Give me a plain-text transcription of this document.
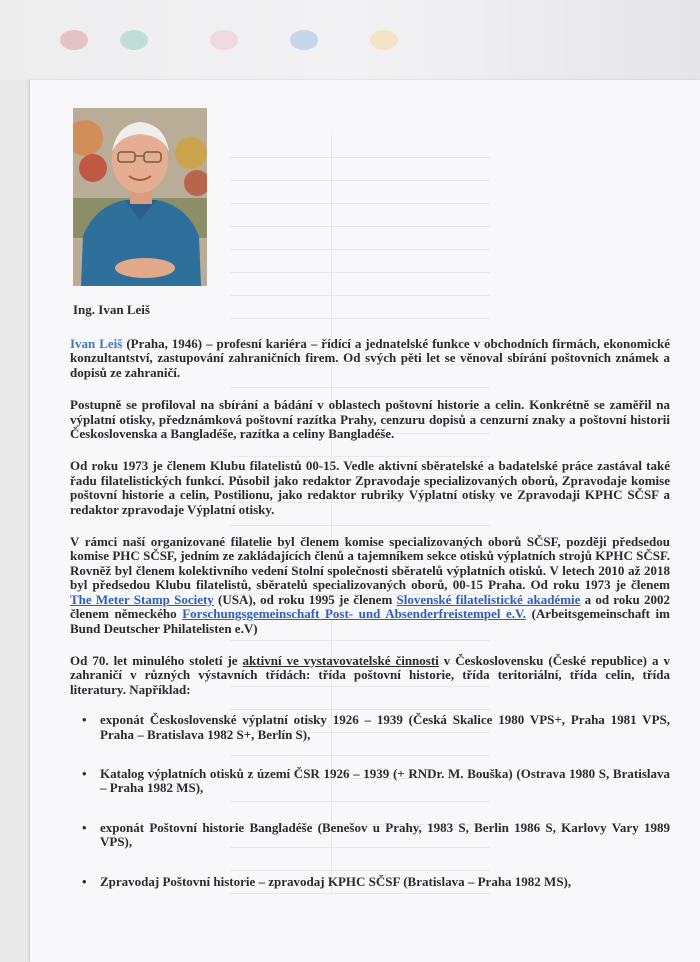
Ing. Ivan Leiš

Ivan Leiš (Praha, 1946) – profesní kariéra – řídící a jednatelské funkce v obchodních firmách, ekonomické konzultantství, zastupování zahraničních firem. Od svých pěti let se věnoval sbírání poštovních známek a dopisů ze zahraničí.

Postupně se profiloval na sbírání a bádání v oblastech poštovní historie a celin. Konkrétně se zaměřil na výplatní otisky, předznámková poštovní razítka Prahy, cenzuru dopisů a cenzurní znaky a poštovní historii Československa a Bangladéše, razítka a celiny Bangladéše.

Od roku 1973 je členem Klubu filatelistů 00-15. Vedle aktivní sběratelské a badatelské práce zastával také řadu filatelistických funkcí. Působil jako redaktor Zpravodaje specializovaných oborů, Zpravodaje komise poštovní historie a celin, Postilionu, jako redaktor rubriky Výplatní otisky ve Zpravodaji KPHC SČSF a redaktor zpravodaje Výplatní otisky.

V rámci naší organizované filatelie byl členem komise specializovaných oborů SČSF, později předsedou komise PHC SČSF, jedním ze zakládajících členů a tajemníkem sekce otisků výplatních strojů KPHC SČSF. Rovněž byl členem kolektivního vedení Stolní společnosti sběratelů výplatních otisků. V letech 2010 až 2018 byl předsedou Klubu filatelistů, sběratelů specializovaných oborů, 00-15 Praha. Od roku 1973 je členem The Meter Stamp Society (USA), od roku 1995 je členem Slovenské filatelistické akadémie a od roku 2002 členem německého Forschungsgemeinschaft Post- und Absenderfreistempel e.V. (Arbeitsgemeinschaft im Bund Deutscher Philatelisten e.V)

Od 70. let minulého století je aktivní ve vystavovatelské činnosti v Československu (České republice) a v zahraničí v různých výstavních třídách: třída poštovní historie, třída teritoriální, třída celin, třída literatury. Například:

• exponát Československé výplatní otisky 1926 – 1939 (Česká Skalice 1980 VPS+, Praha 1981 VPS, Praha – Bratislava 1982 S+, Berlín S),
• Katalog výplatních otisků z území ČSR 1926 – 1939 (+ RNDr. M. Bouška) (Ostrava 1980 S, Bratislava – Praha 1982 MS),
• exponát Poštovní historie Bangladéše (Benešov u Prahy, 1983 S, Berlin 1986 S, Karlovy Vary 1989 VPS),
• Zpravodaj Poštovní historie – zpravodaj KPHC SČSF (Bratislava – Praha 1982 MS),
